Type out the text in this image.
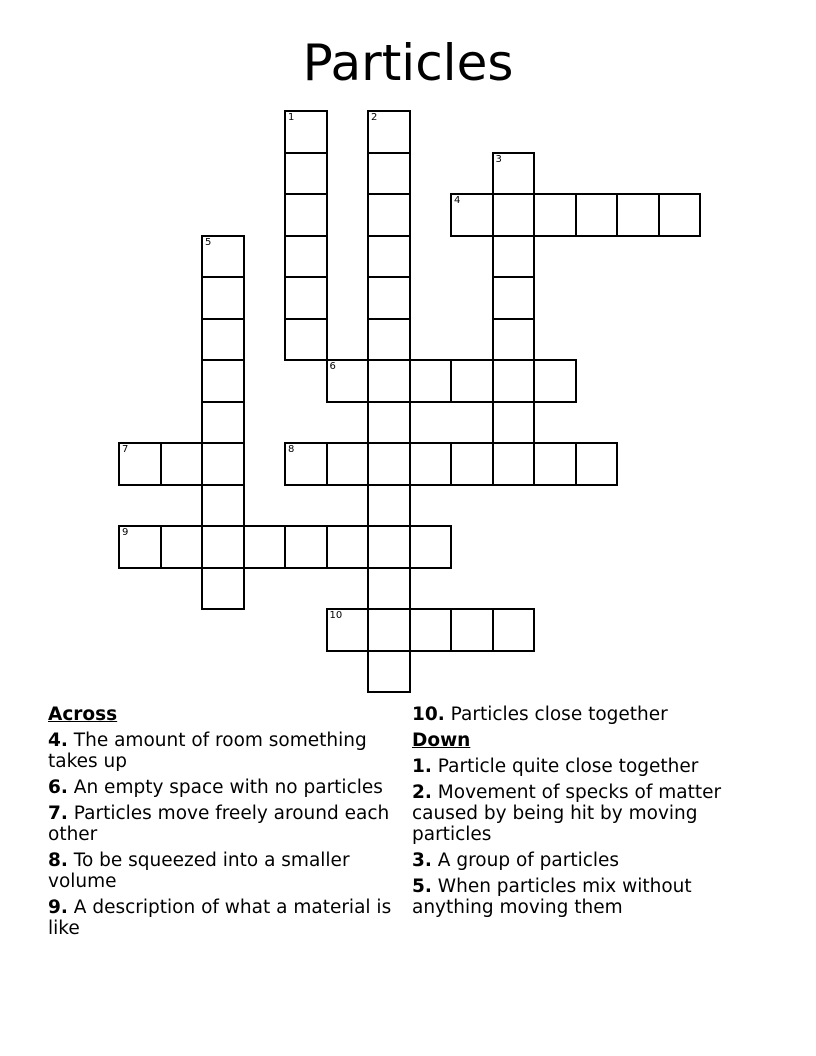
Particles
1	2
3
5
4
6
7	8
9
10
Across
4. The amount of room something takes up
6. An empty space with no particles
7. Particles move freely around each other
8. To be squeezed into a smaller volume
9. A description of what a material is like
10. Particles close together
Down
1. Particle quite close together
2. Movement of specks of matter caused by being hit by moving particles
3. A group of particles
5. When particles mix without anything moving them
